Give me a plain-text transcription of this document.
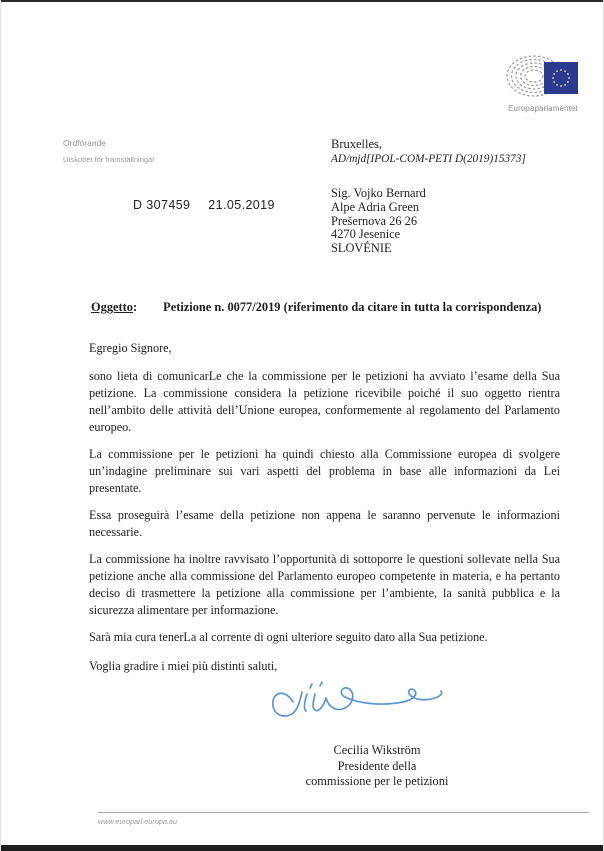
Europaparlamentet
Ordförande
Utskottet för framställningar
Bruxelles,
AD/mjd[IPOL-COM-PETI D(2019)15373]
D 307459 21.05.2019
Sig. Vojko Bernard
Alpe Adria Green
Prešernova 26 26
4270 Jesenice
SLOVÉNIE
Oggetto: Petizione n. 0077/2019 (riferimento da citare in tutta la corrispondenza)
Egregio Signore,

sono lieta di comunicarLe che la commissione per le petizioni ha avviato l’esame della Sua petizione. La commissione considera la petizione ricevibile poiché il suo oggetto rientra nell’ambito delle attività dell’Unione europea, conformemente al regolamento del Parlamento europeo.

La commissione per le petizioni ha quindi chiesto alla Commissione europea di svolgere un’indagine preliminare sui vari aspetti del problema in base alle informazioni da Lei presentate.

Essa proseguirà l’esame della petizione non appena le saranno pervenute le informazioni necessarie.

La commissione ha inoltre ravvisato l’opportunità di sottoporre le questioni sollevate nella Sua petizione anche alla commissione del Parlamento europeo competente in materia, e ha pertanto deciso di trasmettere la petizione alla commissione per l’ambiente, la sanità pubblica e la sicurezza alimentare per informazione.

Sarà mia cura tenerLa al corrente di ogni ulteriore seguito dato alla Sua petizione.

Voglia gradire i miei più distinti saluti,
Cecilia Wikström
Presidente della
commissione per le petizioni
www.europarl.europa.eu
